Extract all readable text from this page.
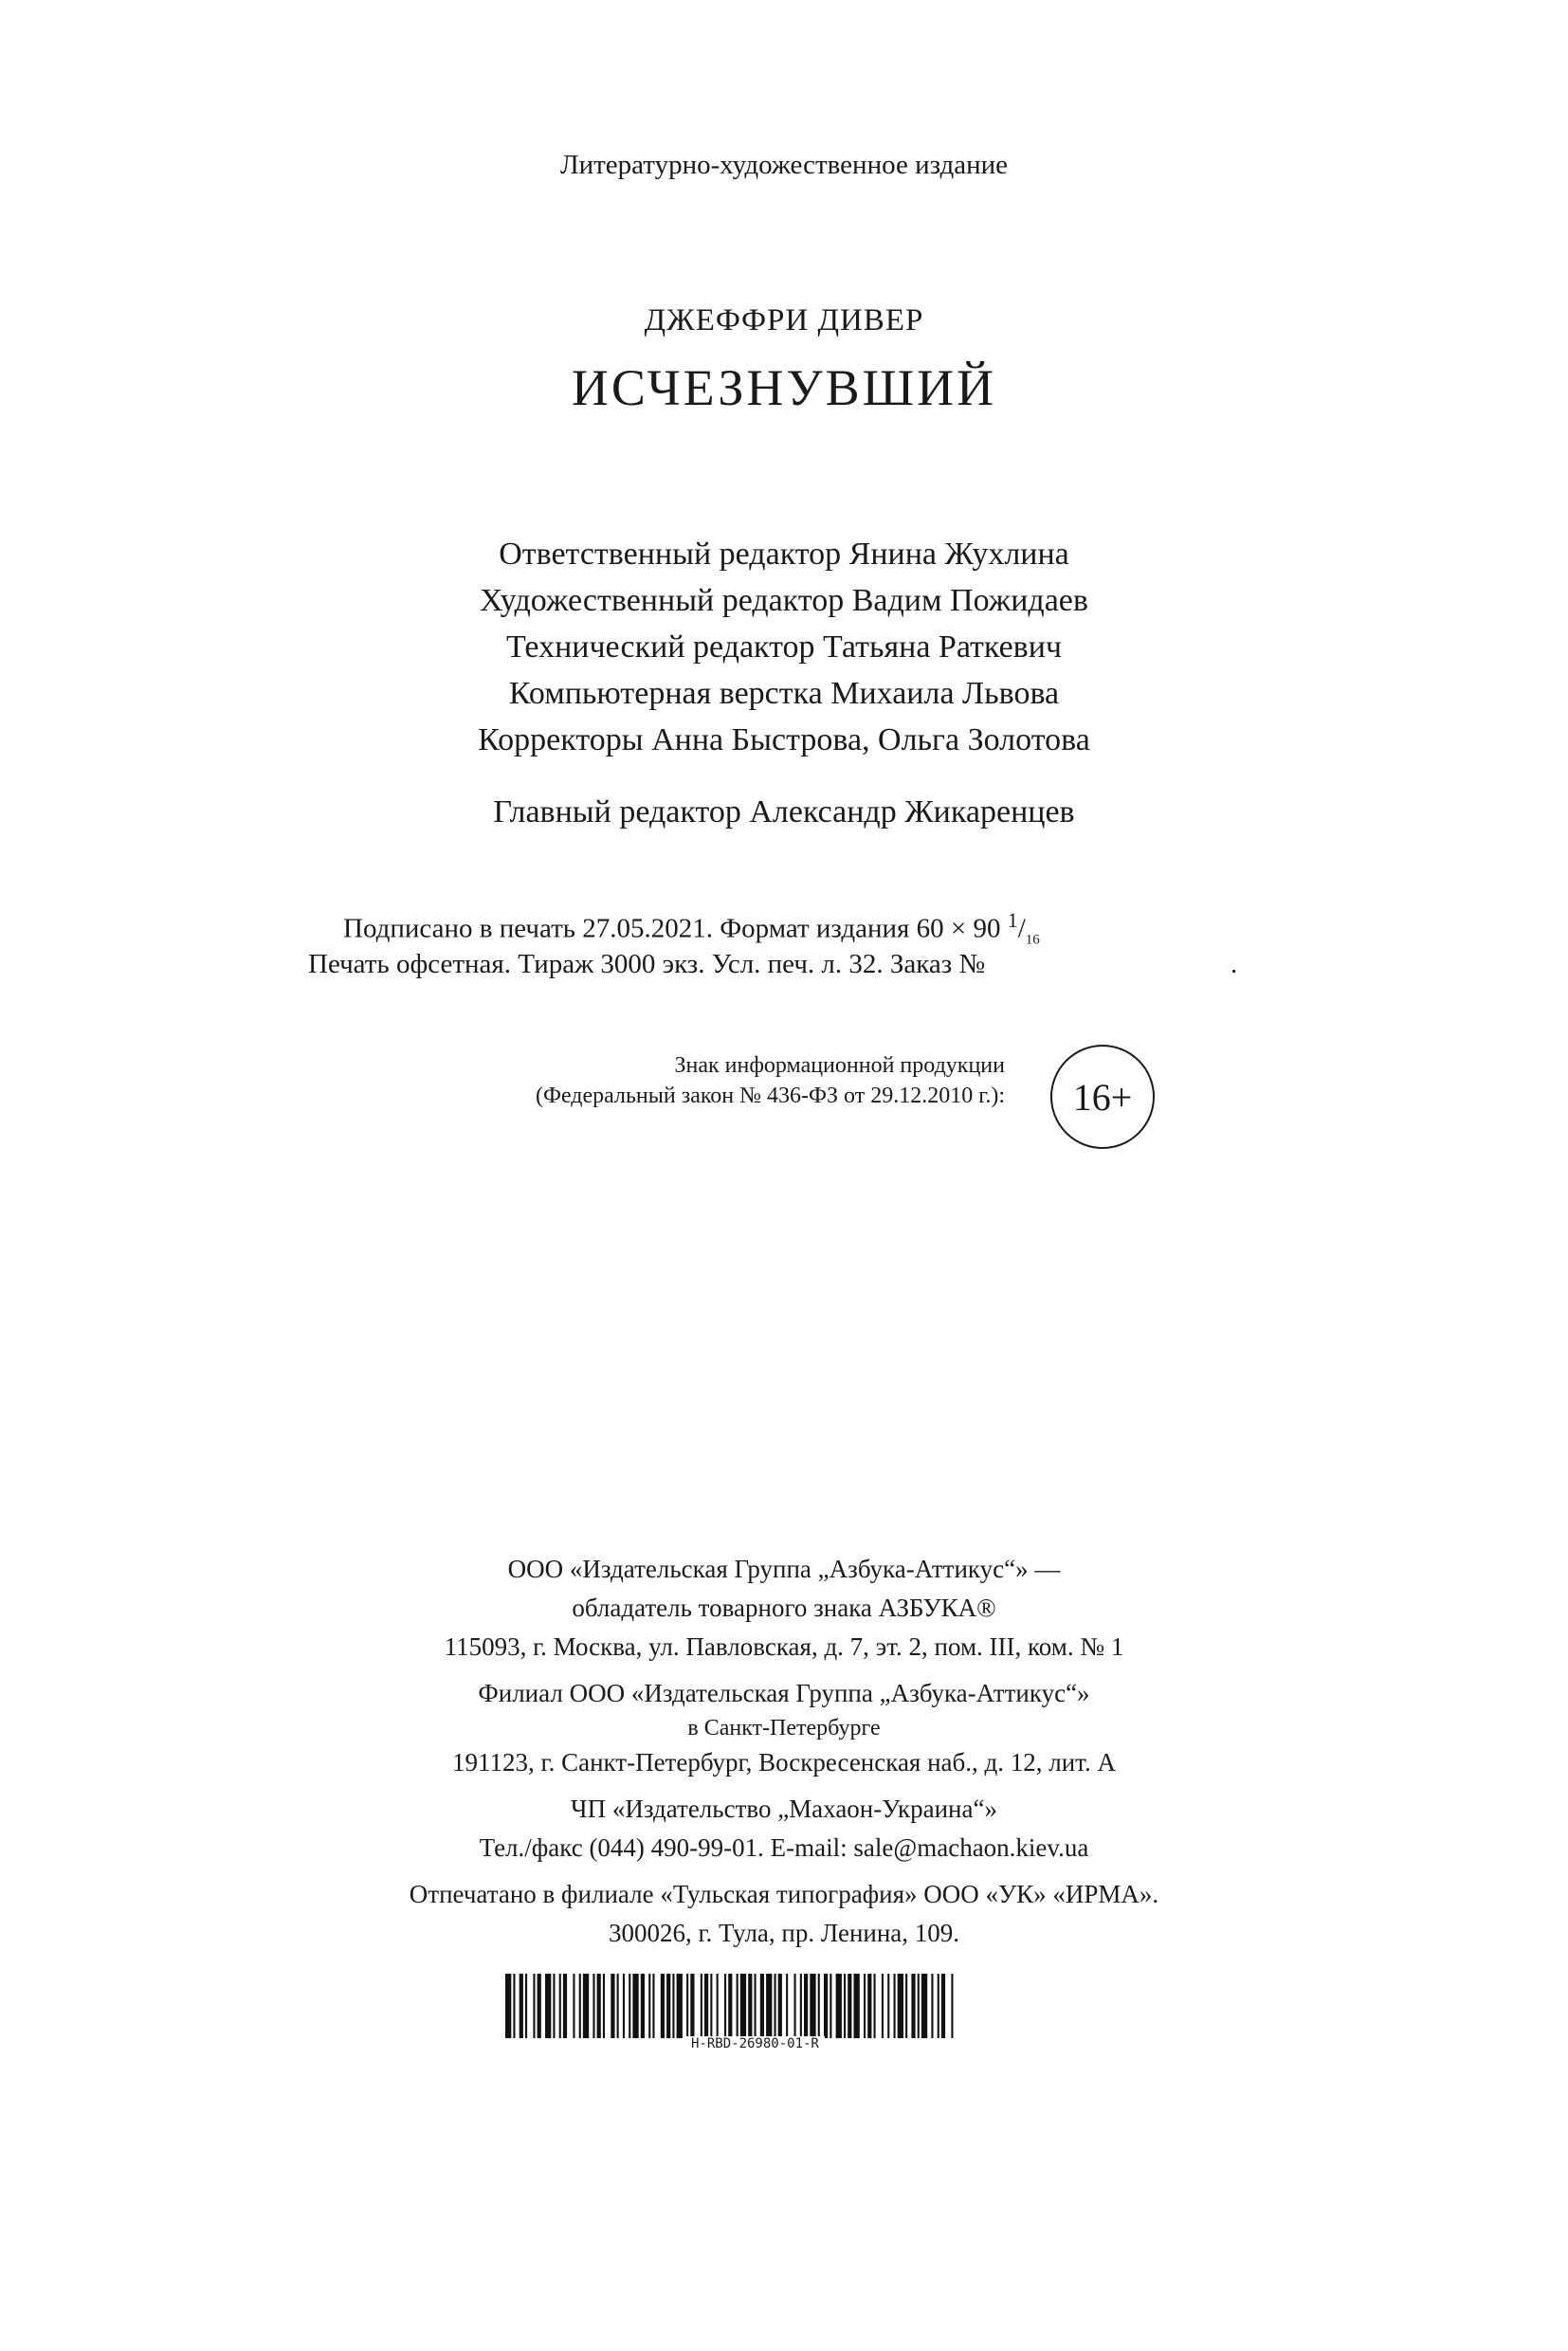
Литературно-художественное издание
ДЖЕФФРИ ДИВЕР
ИСЧЕЗНУВШИЙ
Ответственный редактор Янина Жухлина
Художественный редактор Вадим Пожидаев
Технический редактор Татьяна Раткевич
Компьютерная верстка Михаила Львова
Корректоры Анна Быстрова, Ольга Золотова
Главный редактор Александр Жикаренцев
Подписано в печать 27.05.2021. Формат издания 60 × 90 $^1/_{16}$
Печать офсетная. Тираж 3000 экз. Усл. печ. л. 32. Заказ №	.
Знак информационной продукции
(Федеральный закон № 436-ФЗ от 29.12.2010 г.):	16+
ООО «Издательская Группа „Азбука-Аттикус“» —
обладатель товарного знака АЗБУКА®
115093, г. Москва, ул. Павловская, д. 7, эт. 2, пом. III, ком. № 1
Филиал ООО «Издательская Группа „Азбука-Аттикус“»
в Санкт-Петербурге
191123, г. Санкт-Петербург, Воскресенская наб., д. 12, лит. А
ЧП «Издательство „Махаон-Украина“»
Тел./факс (044) 490-99-01. E-mail: sale@machaon.kiev.ua
Отпечатано в филиале «Тульская типография» ООО «УК» «ИРМА».
300026, г. Тула, пр. Ленина, 109.
H-RBD-26980-01-R
